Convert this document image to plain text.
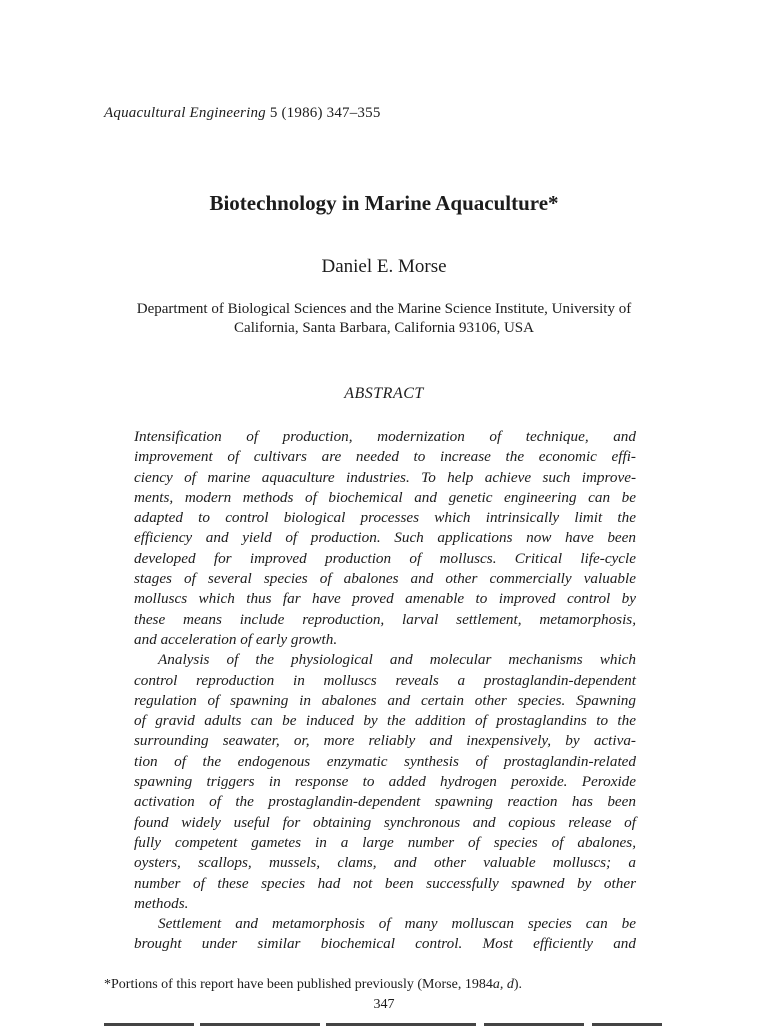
Aquacultural Engineering 5 (1986) 347–355
Biotechnology in Marine Aquaculture*
Daniel E. Morse
Department of Biological Sciences and the Marine Science Institute, University of
California, Santa Barbara, California 93106, USA
ABSTRACT
Intensification of production, modernization of technique, and
improvement of cultivars are needed to increase the economic effi-
ciency of marine aquaculture industries. To help achieve such improve-
ments, modern methods of biochemical and genetic engineering can be
adapted to control biological processes which intrinsically limit the
efficiency and yield of production. Such applications now have been
developed for improved production of molluscs. Critical life-cycle
stages of several species of abalones and other commercially valuable
molluscs which thus far have proved amenable to improved control by
these means include reproduction, larval settlement, metamorphosis,
and acceleration of early growth.
Analysis of the physiological and molecular mechanisms which
control reproduction in molluscs reveals a prostaglandin-dependent
regulation of spawning in abalones and certain other species. Spawning
of gravid adults can be induced by the addition of prostaglandins to the
surrounding seawater, or, more reliably and inexpensively, by activa-
tion of the endogenous enzymatic synthesis of prostaglandin-related
spawning triggers in response to added hydrogen peroxide. Peroxide
activation of the prostaglandin-dependent spawning reaction has been
found widely useful for obtaining synchronous and copious release of
fully competent gametes in a large number of species of abalones,
oysters, scallops, mussels, clams, and other valuable molluscs; a
number of these species had not been successfully spawned by other
methods.
Settlement and metamorphosis of many molluscan species can be
brought under similar biochemical control. Most efficiently and
*Portions of this report have been published previously (Morse, 1984a, d).
347
